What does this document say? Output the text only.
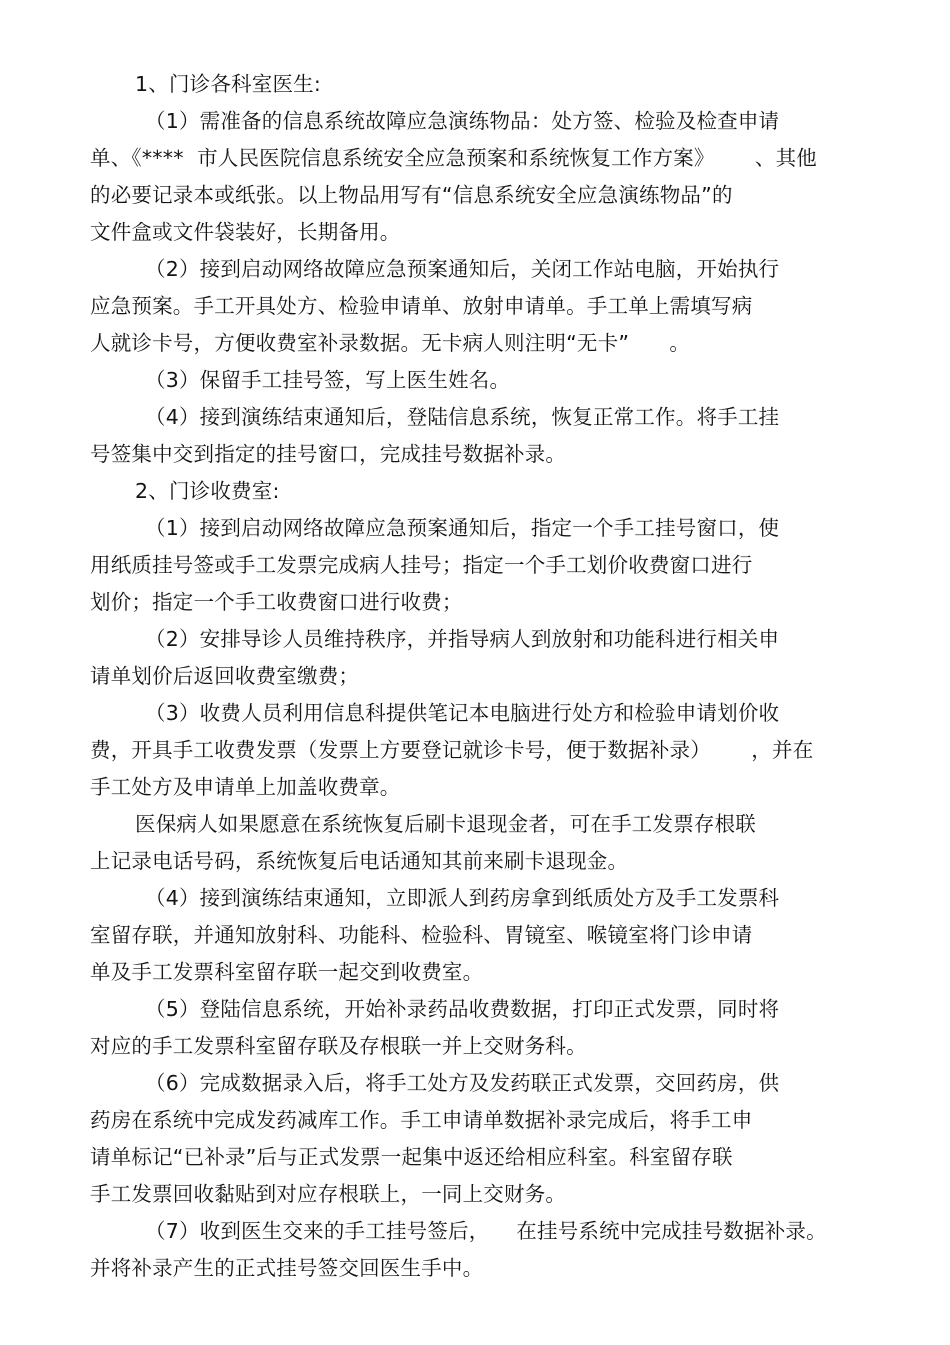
1、门诊各科室医生:
（1）需准备的信息系统故障应急演练物品：处方签、检验及检查申请
单、《****  市人民医院信息系统安全应急预案和系统恢复工作方案》      、其他
的必要记录本或纸张。以上物品用写有“信息系统安全应急演练物品”的
文件盒或文件袋装好，长期备用。
（2）接到启动网络故障应急预案通知后，关闭工作站电脑，开始执行
应急预案。手工开具处方、检验申请单、放射申请单。手工单上需填写病
人就诊卡号，方便收费室补录数据。无卡病人则注明“无卡”      。
（3）保留手工挂号签，写上医生姓名。
（4）接到演练结束通知后，登陆信息系统，恢复正常工作。将手工挂
号签集中交到指定的挂号窗口，完成挂号数据补录。
2、门诊收费室:
（1）接到启动网络故障应急预案通知后，指定一个手工挂号窗口，使
用纸质挂号签或手工发票完成病人挂号；指定一个手工划价收费窗口进行
划价；指定一个手工收费窗口进行收费；
（2）安排导诊人员维持秩序，并指导病人到放射和功能科进行相关申
请单划价后返回收费室缴费；
（3）收费人员利用信息科提供笔记本电脑进行处方和检验申请划价收
费，开具手工收费发票（发票上方要登记就诊卡号，便于数据补录）      ，并在
手工处方及申请单上加盖收费章。
医保病人如果愿意在系统恢复后刷卡退现金者，可在手工发票存根联
上记录电话号码，系统恢复后电话通知其前来刷卡退现金。
（4）接到演练结束通知，立即派人到药房拿到纸质处方及手工发票科
室留存联，并通知放射科、功能科、检验科、胃镜室、喉镜室将门诊申请
单及手工发票科室留存联一起交到收费室。
（5）登陆信息系统，开始补录药品收费数据，打印正式发票，同时将
对应的手工发票科室留存联及存根联一并上交财务科。
（6）完成数据录入后，将手工处方及发药联正式发票，交回药房，供
药房在系统中完成发药减库工作。手工申请单数据补录完成后，将手工申
请单标记“已补录”后与正式发票一起集中返还给相应科室。科室留存联
手工发票回收黏贴到对应存根联上，一同上交财务。
（7）收到医生交来的手工挂号签后，    在挂号系统中完成挂号数据补录。
并将补录产生的正式挂号签交回医生手中。
